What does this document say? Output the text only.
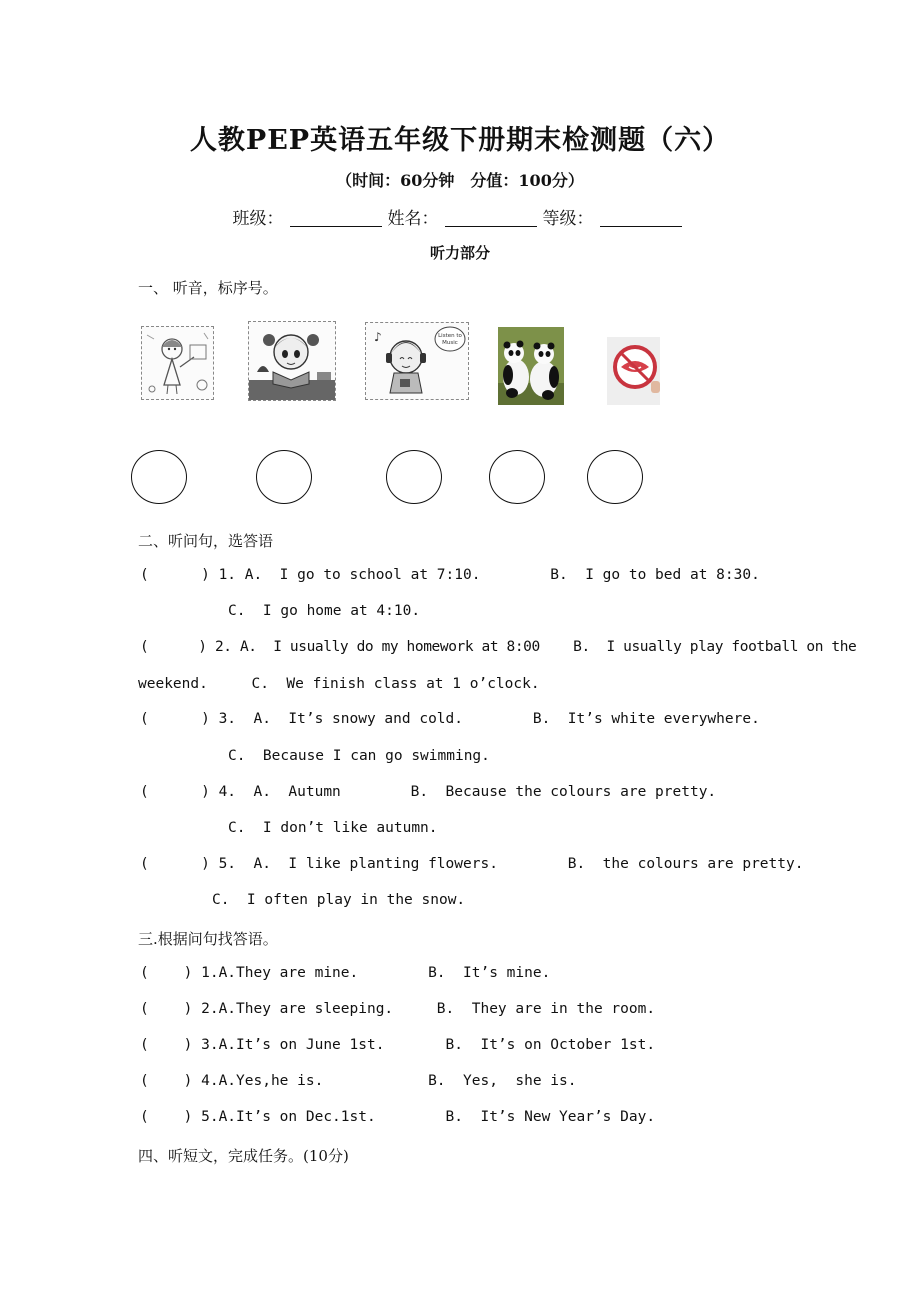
人教PEP英语五年级下册期末检测题（六）
（时间：60分钟　分值：100分）
班级：	姓名：	等级：
听力部分
一、 听音，标序号。
♪	Listen to
Music
二、听问句，选答语
(      ) 1. A.  I go to school at 7:10.        B.  I go to bed at 8:30.
C.  I go home at 4:10.
(      ) 2. A.  I usually do my homework at 8:00    B.  I usually play football on the
weekend.     C.  We finish class at 1 o’clock.
(      ) 3.  A.  It’s snowy and cold.        B.  It’s white everywhere.
C.  Because I can go swimming.
(      ) 4.  A.  Autumn        B.  Because the colours are pretty.
C.  I don’t like autumn.
(      ) 5.  A.  I like planting flowers.        B.  the colours are pretty.
C.  I often play in the snow.
三.根据问句找答语。
(    ) 1.A.They are mine.        B.  It’s mine.
(    ) 2.A.They are sleeping.     B.  They are in the room.
(    ) 3.A.It’s on June 1st.       B.  It’s on October 1st.
(    ) 4.A.Yes,he is.            B.  Yes,  she is.
(    ) 5.A.It’s on Dec.1st.        B.  It’s New Year’s Day.
四、听短文，完成任务。(10分)
